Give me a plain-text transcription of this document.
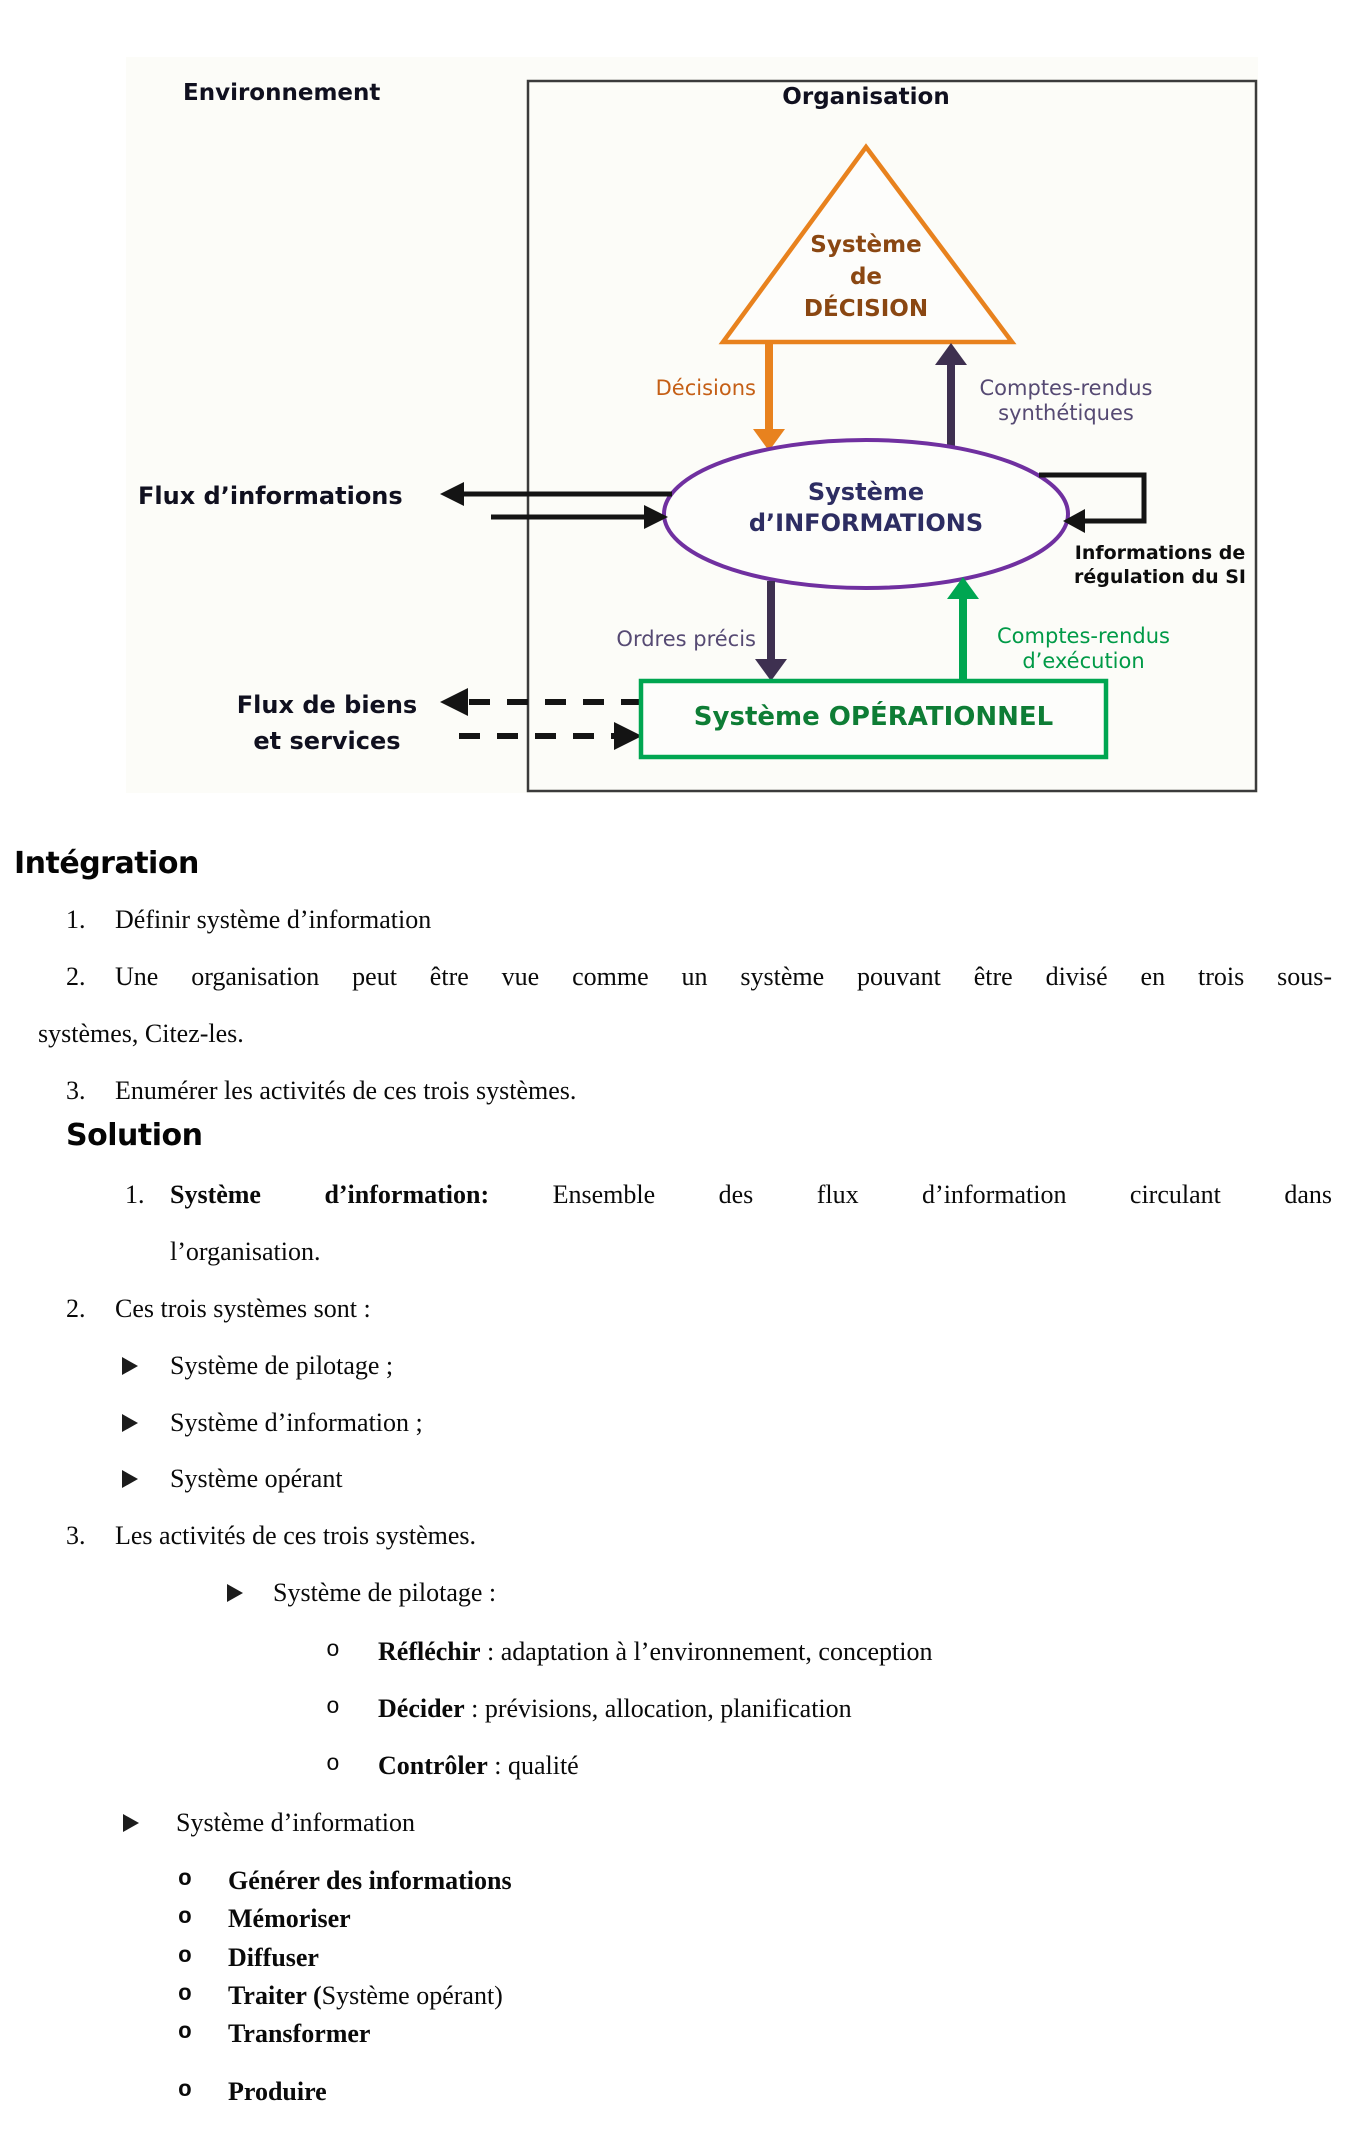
Environnement	Organisation
Système
de
DÉCISION
Décisions	Comptes-rendus
synthétiques
Système
d’INFORMATIONS
Flux d’informations
Informations de
régulation du SI
Ordres précis	Comptes-rendus
d’exécution
Système OPÉRATIONNEL
Flux de biens
et services
Intégration
1. Définir système d’information
2. Une organisation peut être vue comme un système pouvant être divisé en trois sous-
systèmes, Citez-les.
3. Enumérer les activités de ces trois systèmes.
Solution
1. Système d’information: Ensemble des flux d’information circulant dans
l’organisation.
2. Ces trois systèmes sont :
Système de pilotage ;
Système d’information ;
Système opérant
3. Les activités de ces trois systèmes.
Système de pilotage :
o Réfléchir : adaptation à l’environnement, conception
o Décider : prévisions, allocation, planification
o Contrôler : qualité
Système d’information
o Générer des informations
o Mémoriser
o Diffuser
o Traiter (Système opérant)
o Transformer
o Produire
